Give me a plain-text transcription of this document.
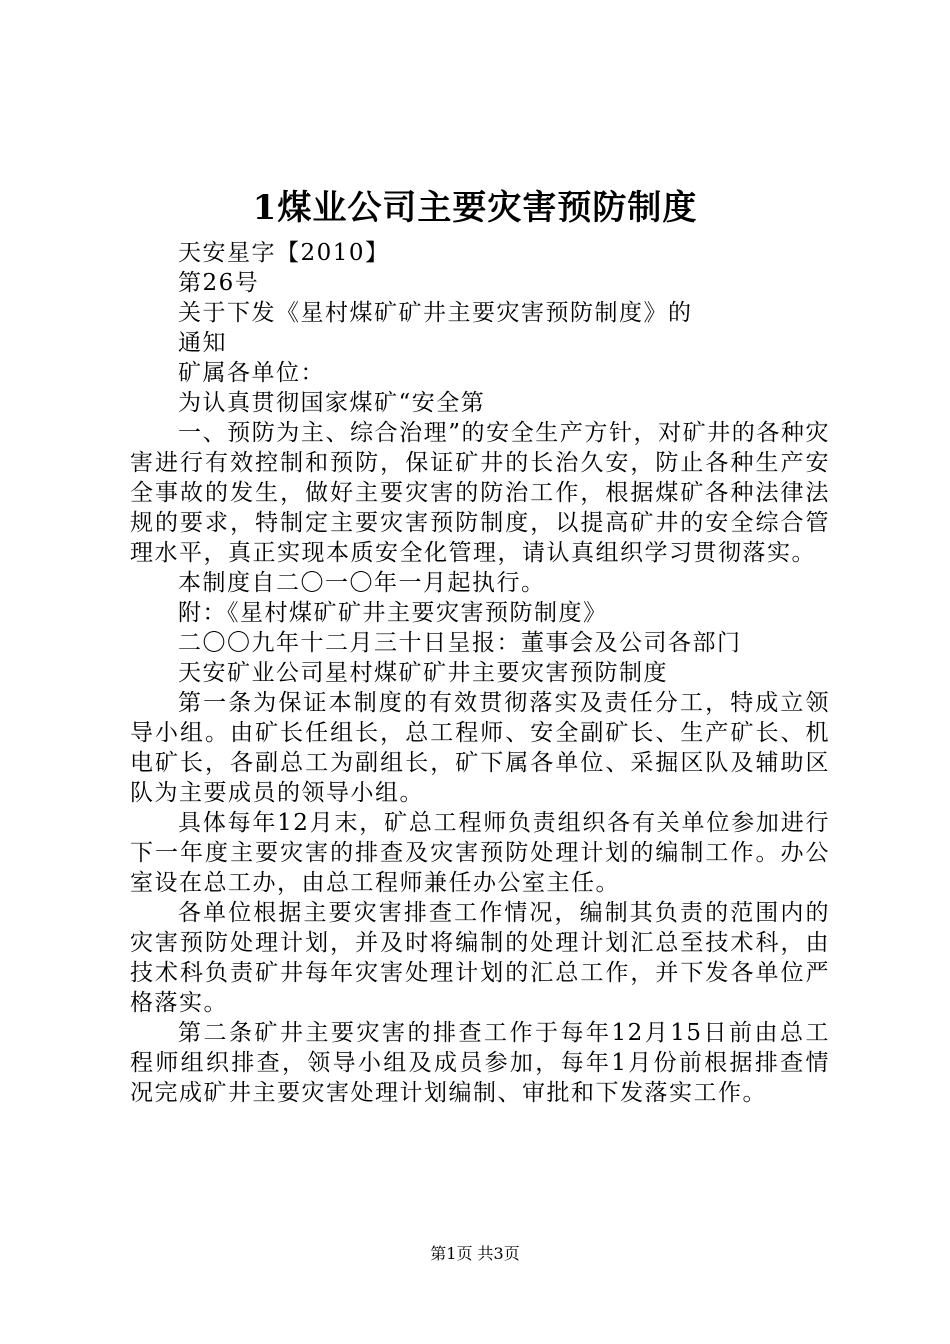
1煤业公司主要灾害预防制度

天安星字【2010】

第26号

关于下发《星村煤矿矿井主要灾害预防制度》的

通知

矿属各单位：

为认真贯彻国家煤矿“安全第

一、预防为主、综合治理”的安全生产方针，对矿井的各种灾害进行有效控制和预防，保证矿井的长治久安，防止各种生产安全事故的发生，做好主要灾害的防治工作，根据煤矿各种法律法规的要求，特制定主要灾害预防制度，以提高矿井的安全综合管理水平，真正实现本质安全化管理，请认真组织学习贯彻落实。

本制度自二〇一〇年一月起执行。

附：《星村煤矿矿井主要灾害预防制度》

二〇〇九年十二月三十日呈报：董事会及公司各部门

天安矿业公司星村煤矿矿井主要灾害预防制度

第一条为保证本制度的有效贯彻落实及责任分工，特成立领导小组。由矿长任组长，总工程师、安全副矿长、生产矿长、机电矿长，各副总工为副组长，矿下属各单位、采掘区队及辅助区队为主要成员的领导小组。

具体每年12月末，矿总工程师负责组织各有关单位参加进行下一年度主要灾害的排查及灾害预防处理计划的编制工作。办公室设在总工办，由总工程师兼任办公室主任。

各单位根据主要灾害排查工作情况，编制其负责的范围内的灾害预防处理计划，并及时将编制的处理计划汇总至技术科，由技术科负责矿井每年灾害处理计划的汇总工作，并下发各单位严格落实。

第二条矿井主要灾害的排查工作于每年12月15日前由总工程师组织排查，领导小组及成员参加，每年1月份前根据排查情况完成矿井主要灾害处理计划编制、审批和下发落实工作。

第1页 共3页
